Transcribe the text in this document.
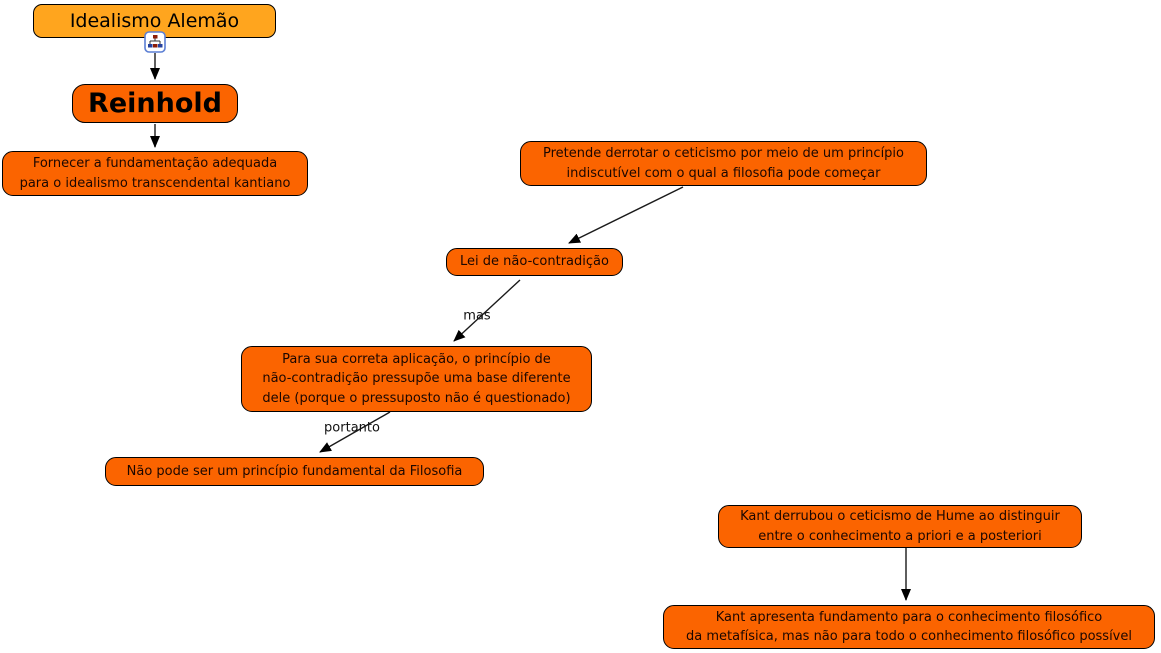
Idealismo Alemão
Reinhold
Fornecer a fundamentação adequada
para o idealismo transcendental kantiano
Pretende derrotar o ceticismo por meio de um princípio
indiscutível com o qual a filosofia pode começar
Lei de não-contradição
Para sua correta aplicação, o princípio de
não-contradição pressupõe uma base diferente
dele (porque o pressuposto não é questionado)
Não pode ser um princípio fundamental da Filosofia
Kant derrubou o ceticismo de Hume ao distinguir
entre o conhecimento a priori e a posteriori
Kant apresenta fundamento para o conhecimento filosófico
da metafísica, mas não para todo o conhecimento filosófico possível
mas
portanto
